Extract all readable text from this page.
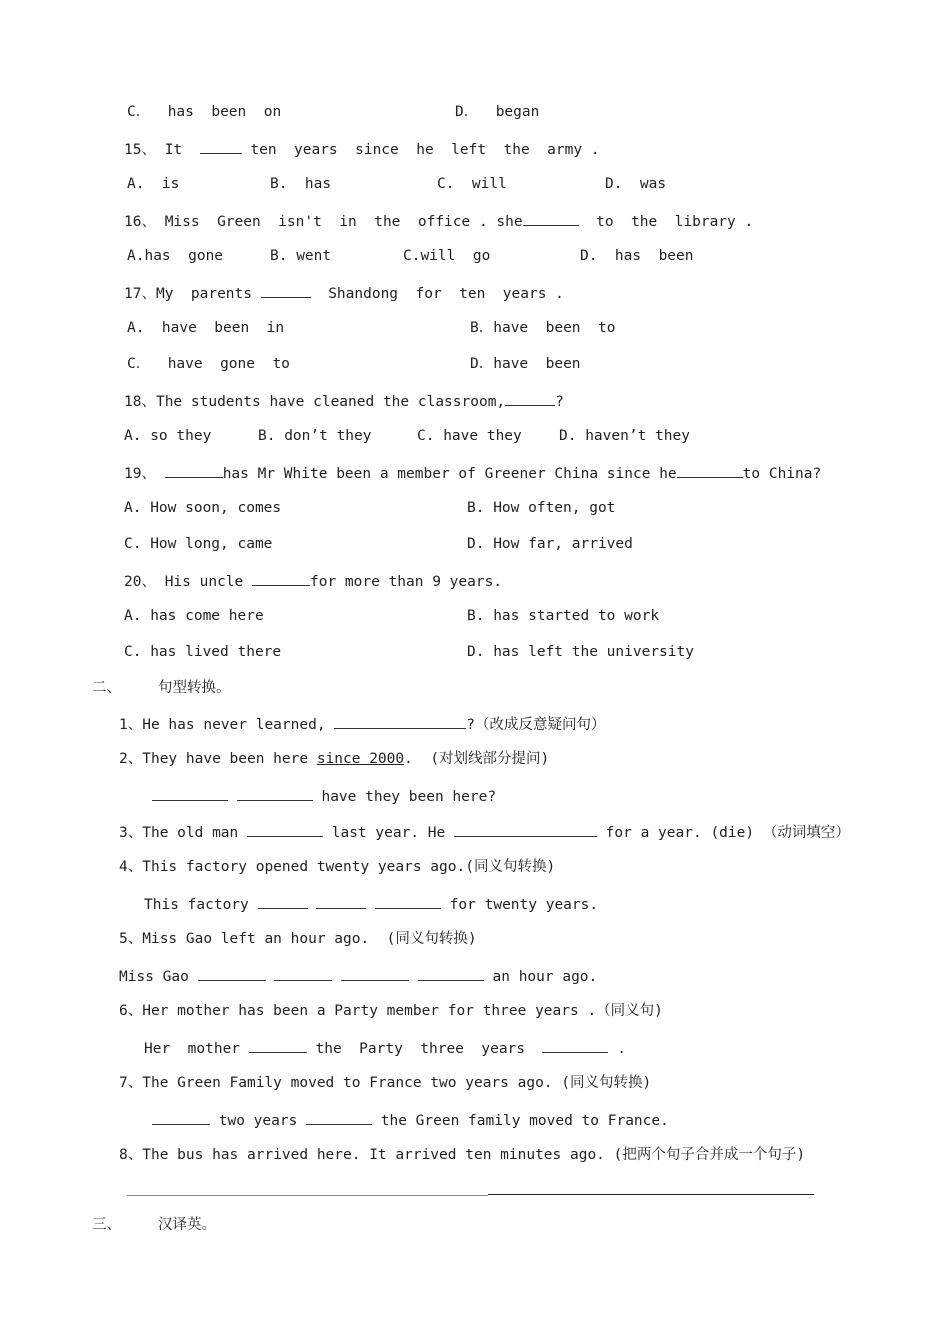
C．  has  been  on	D．  began
15、 It	ten  years  since  he  left  the  army .
A.  is	B.  has	C.  will	D.  was
16、 Miss  Green  isn't  in  the  office . she	to  the  library .
A.has  gone	B. went	C.will  go	D.  has  been
17、My  parents	Shandong  for  ten  years .
A.  have  been  in	B．have  been  to
C．  have  gone  to	D．have  been
18、The students have cleaned the classroom,	?
A. so they	B. don’t they	C. have they	D. haven’t they
19、	has Mr White been a member of Greener China since he	to China?
A. How soon, comes	B. How often, got
C. How long, came	D. How far, arrived
20、 His uncle	for more than 9 years.
A. has come here	B. has started to work
C. has lived there	D. has left the university
二、	句型转换。
1、He has never learned,	?（改成反意疑问句）
2、They have been here since 2000.  (对划线部分提问)
have they been here?
3、The old man	last year. He	for a year. (die) （动词填空）
4、This factory opened twenty years ago.(同义句转换)
This factory	for twenty years.
5、Miss Gao left an hour ago.  (同义句转换)
Miss Gao	an hour ago.
6、Her mother has been a Party member for three years .（同义句)
Her  mother	the  Party  three  years	.
7、The Green Family moved to France two years ago. (同义句转换)
two years	the Green family moved to France.
8、The bus has arrived here. It arrived ten minutes ago. (把两个句子合并成一个句子)
三、	汉译英。
